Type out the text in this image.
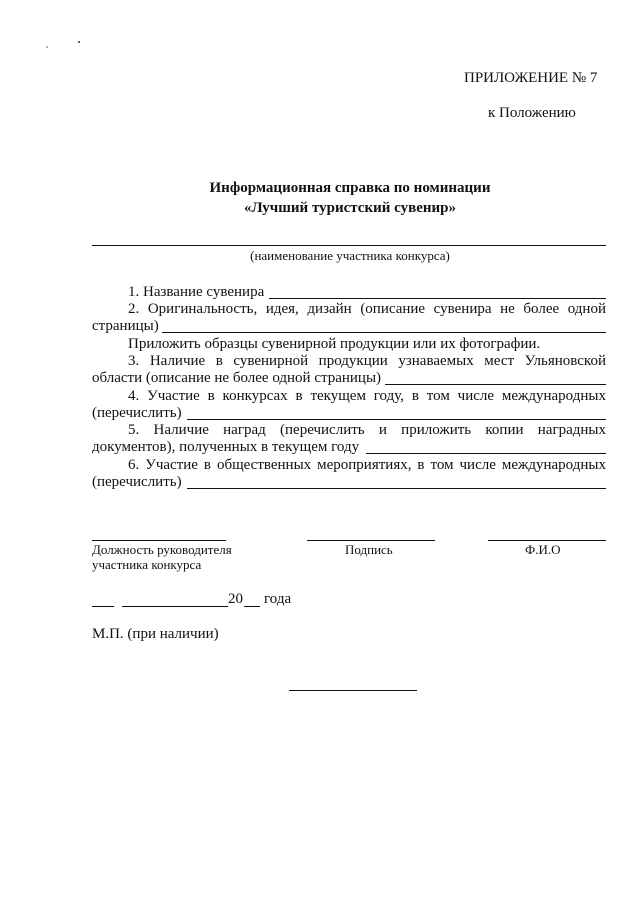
ПРИЛОЖЕНИЕ № 7
к Положению
Информационная справка по номинации
«Лучший туристский сувенир»
(наименование участника конкурса)
1. Название сувенира
2. Оригинальность, идея, дизайн (описание сувенира не более одной
страницы)
Приложить образцы сувенирной продукции или их фотографии.
3. Наличие в сувенирной продукции узнаваемых мест Ульяновской
области (описание не более одной страницы)
4. Участие в конкурсах в текущем году, в том числе международных
(перечислить)
5. Наличие наград (перечислить и приложить копии наградных
документов), полученных в текущем году
6. Участие в общественных мероприятиях, в том числе международных
(перечислить)
Должность руководителя
участника конкурса
Подпись	Ф.И.О
20 года
М.П. (при наличии)
